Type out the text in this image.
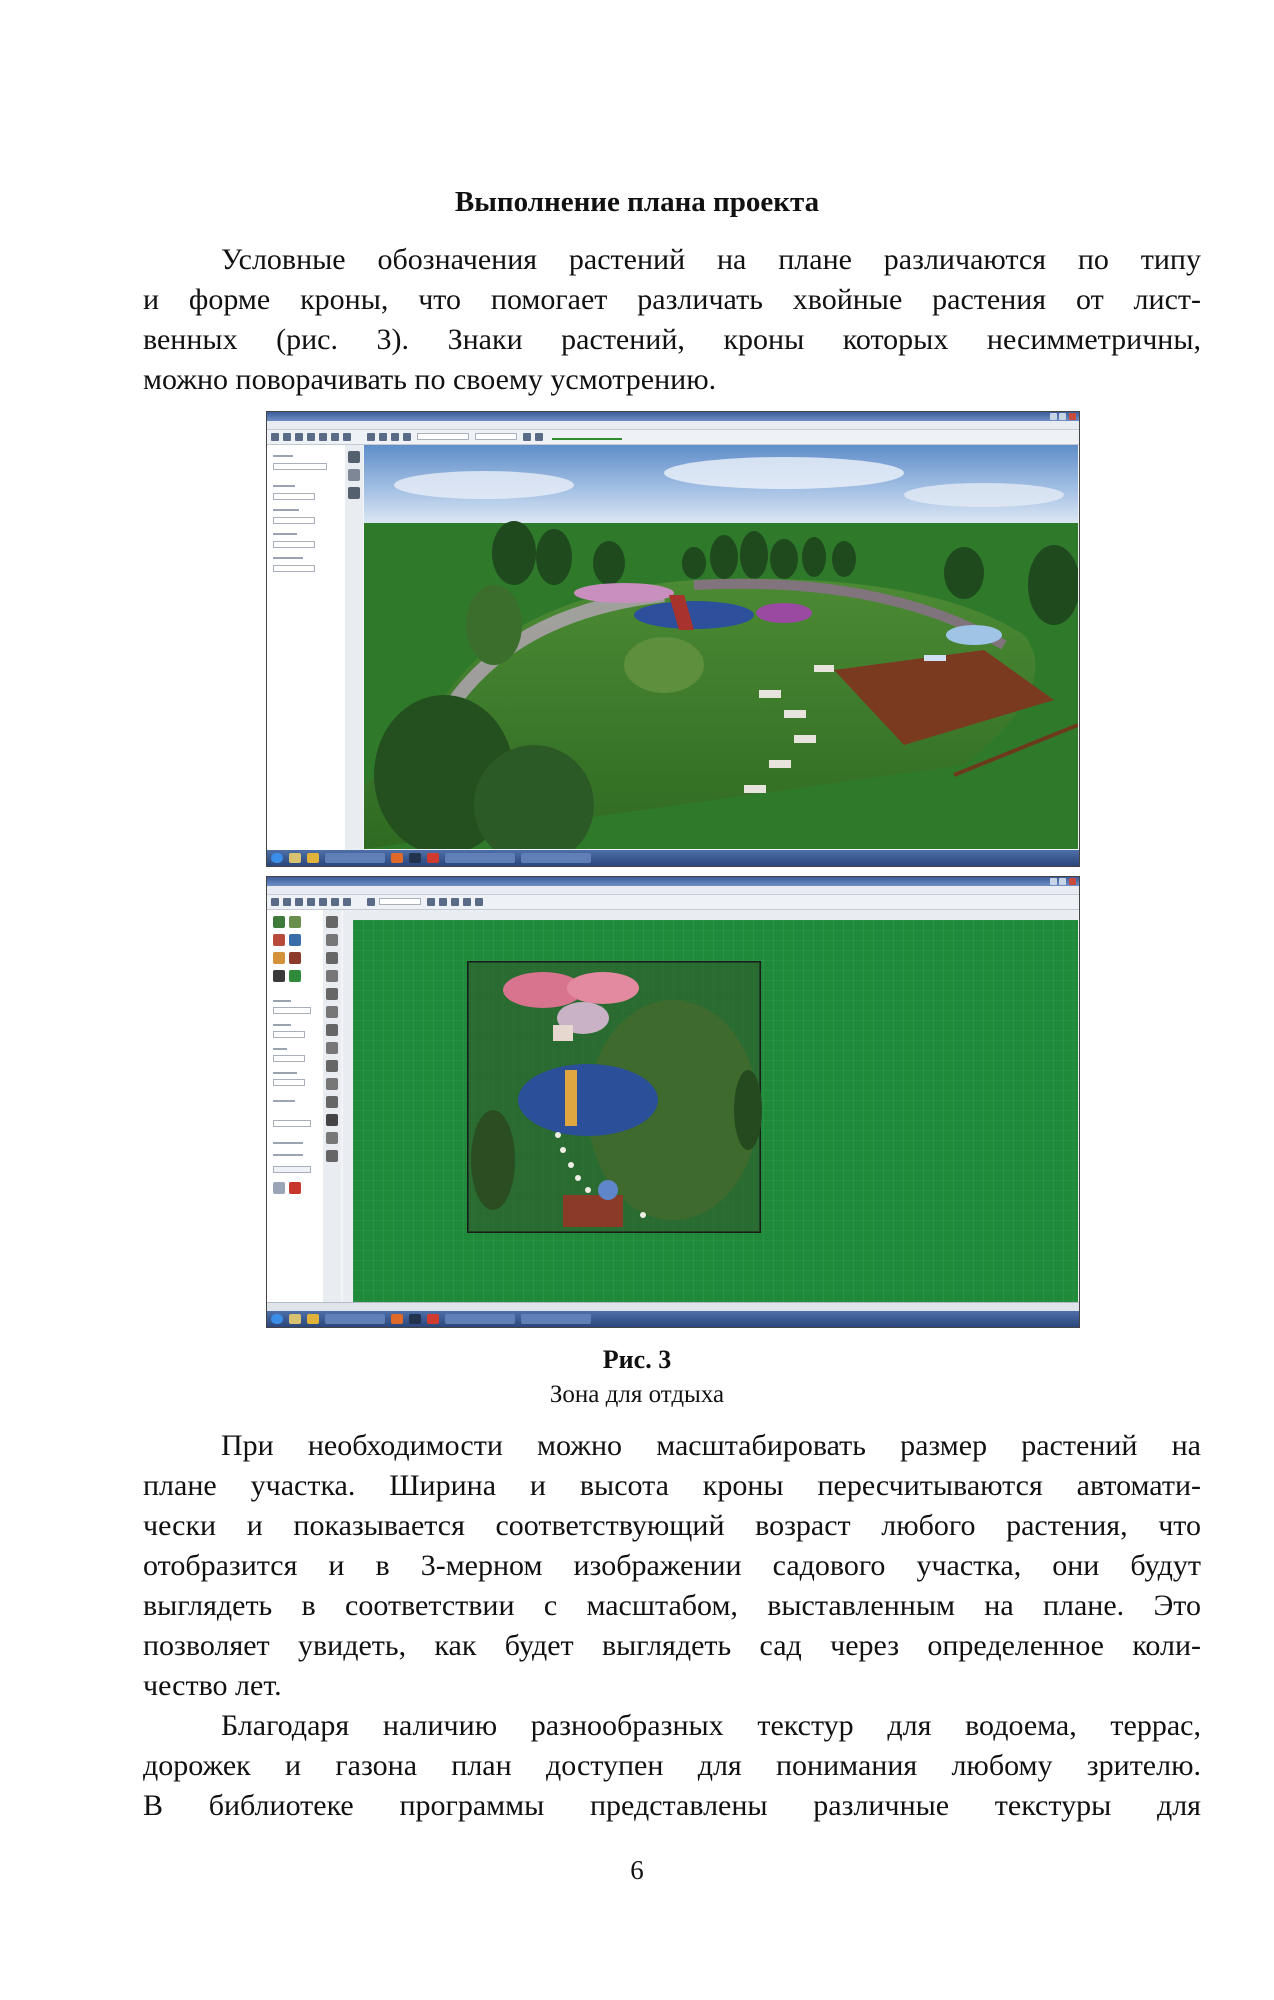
Выполнение плана проекта
Условные обозначения растений на плане различаются по типу
и форме кроны, что помогает различать хвойные растения от лист-
венных (рис. 3). Знаки растений, кроны которых несимметричны,
можно поворачивать по своему усмотрению.
Рис. 3
Зона для отдыха
При необходимости можно масштабировать размер растений на
плане участка. Ширина и высота кроны пересчитываются автомати-
чески и показывается соответствующий возраст любого растения, что
отобразится и в 3-мерном изображении садового участка, они будут
выглядеть в соответствии с масштабом, выставленным на плане. Это
позволяет увидеть, как будет выглядеть сад через определенное коли-
чество лет.
Благодаря наличию разнообразных текстур для водоема, террас,
дорожек и газона план доступен для понимания любому зрителю.
В библиотеке программы представлены различные текстуры для
6
